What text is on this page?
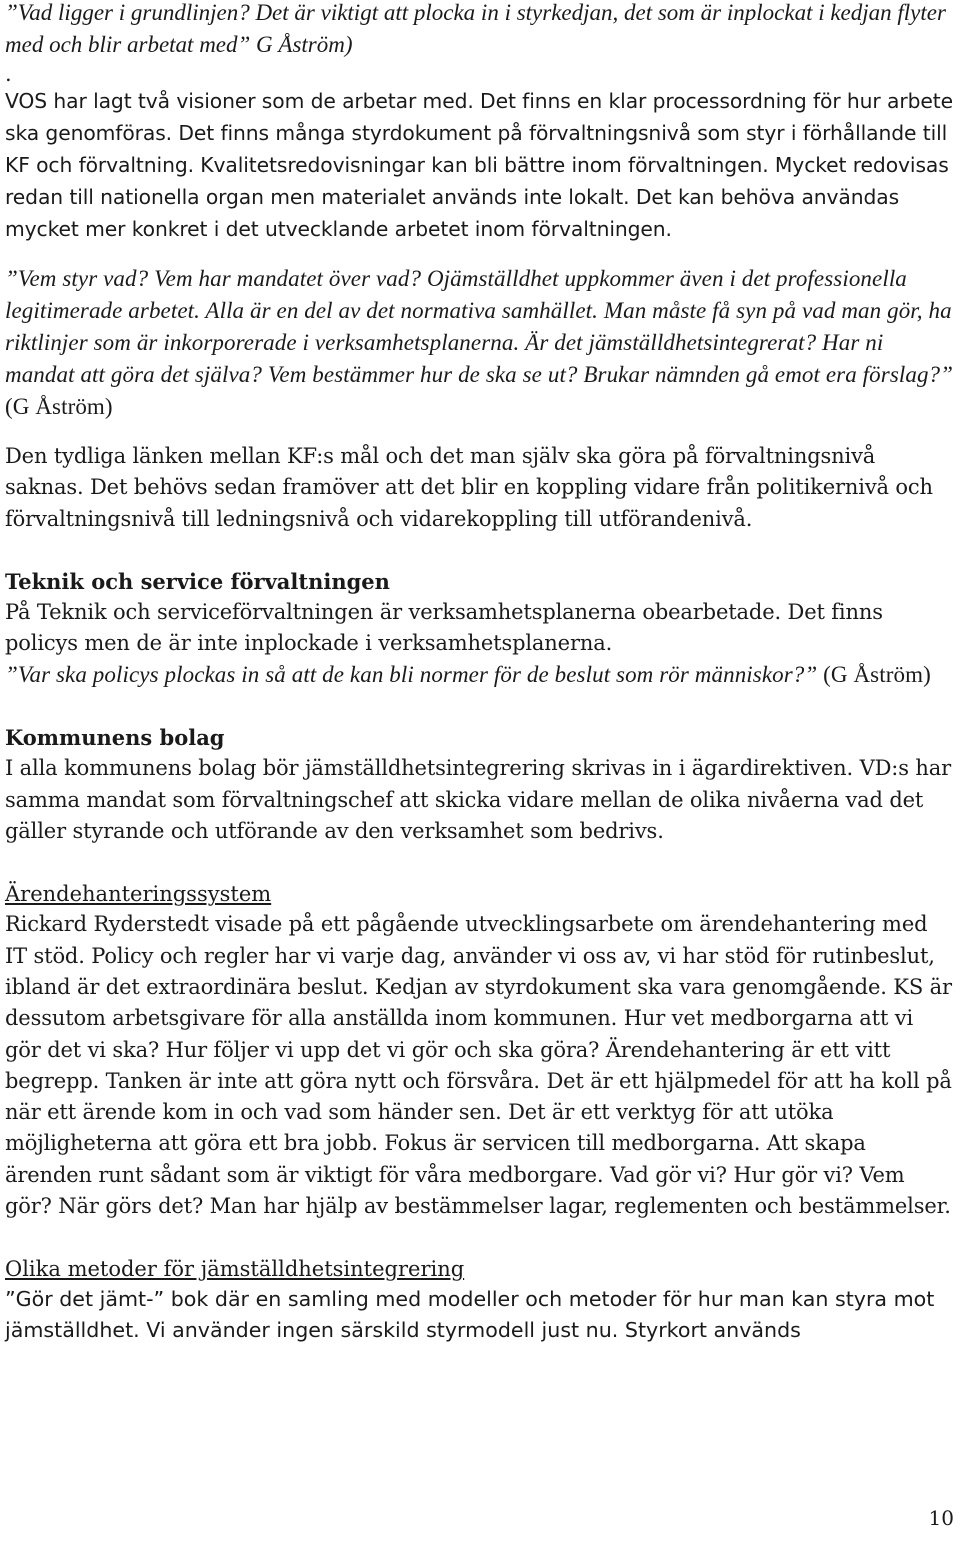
”Vad ligger i grundlinjen? Det är viktigt att plocka in i styrkedjan, det som är inplockat i kedjan flyter med och blir arbetat med” G Åström)

.

VOS har lagt två visioner som de arbetar med. Det finns en klar processordning för hur arbete ska genomföras. Det finns många styrdokument på förvaltningsnivå som styr i förhållande till KF och förvaltning. Kvalitetsredovisningar kan bli bättre inom förvaltningen. Mycket redovisas redan till nationella organ men materialet används inte lokalt. Det kan behöva användas mycket mer konkret i det utvecklande arbetet inom förvaltningen.

”Vem styr vad? Vem har mandatet över vad? Ojämställdhet uppkommer även i det professionella legitimerade arbetet. Alla är en del av det normativa samhället. Man måste få syn på vad man gör, ha riktlinjer som är inkorporerade i verksamhetsplanerna. Är det jämställdhetsintegrerat? Har ni mandat att göra det själva? Vem bestämmer hur de ska se ut? Brukar nämnden gå emot era förslag?” (G Åström)

Den tydliga länken mellan KF:s mål och det man själv ska göra på förvaltningsnivå saknas. Det behövs sedan framöver att det blir en koppling vidare från politikernivå och förvaltningsnivå till ledningsnivå och vidarekoppling till utförandenivå.

Teknik och service förvaltningen

På Teknik och serviceförvaltningen är verksamhetsplanerna obearbetade. Det finns policys men de är inte inplockade i verksamhetsplanerna.

”Var ska policys plockas in så att de kan bli normer för de beslut som rör människor?” (G Åström)

Kommunens bolag

I alla kommunens bolag bör jämställdhetsintegrering skrivas in i ägardirektiven. VD:s har samma mandat som förvaltningschef att skicka vidare mellan de olika nivåerna vad det gäller styrande och utförande av den verksamhet som bedrivs.

Ärendehanteringssystem

Rickard Ryderstedt visade på ett pågående utvecklingsarbete om ärendehantering med IT stöd. Policy och regler har vi varje dag, använder vi oss av, vi har stöd för rutinbeslut, ibland är det extraordinära beslut. Kedjan av styrdokument ska vara genomgående. KS är dessutom arbetsgivare för alla anställda inom kommunen. Hur vet medborgarna att vi gör det vi ska? Hur följer vi upp det vi gör och ska göra? Ärendehantering är ett vitt begrepp. Tanken är inte att göra nytt och försvåra. Det är ett hjälpmedel för att ha koll på när ett ärende kom in och vad som händer sen. Det är ett verktyg för att utöka möjligheterna att göra ett bra jobb. Fokus är servicen till medborgarna. Att skapa ärenden runt sådant som är viktigt för våra medborgare. Vad gör vi? Hur gör vi? Vem gör? När görs det? Man har hjälp av bestämmelser lagar, reglementen och bestämmelser.

Olika metoder för jämställdhetsintegrering

”Gör det jämt-” bok där en samling med modeller och metoder för hur man kan styra mot jämställdhet. Vi använder ingen särskild styrmodell just nu. Styrkort används

10
